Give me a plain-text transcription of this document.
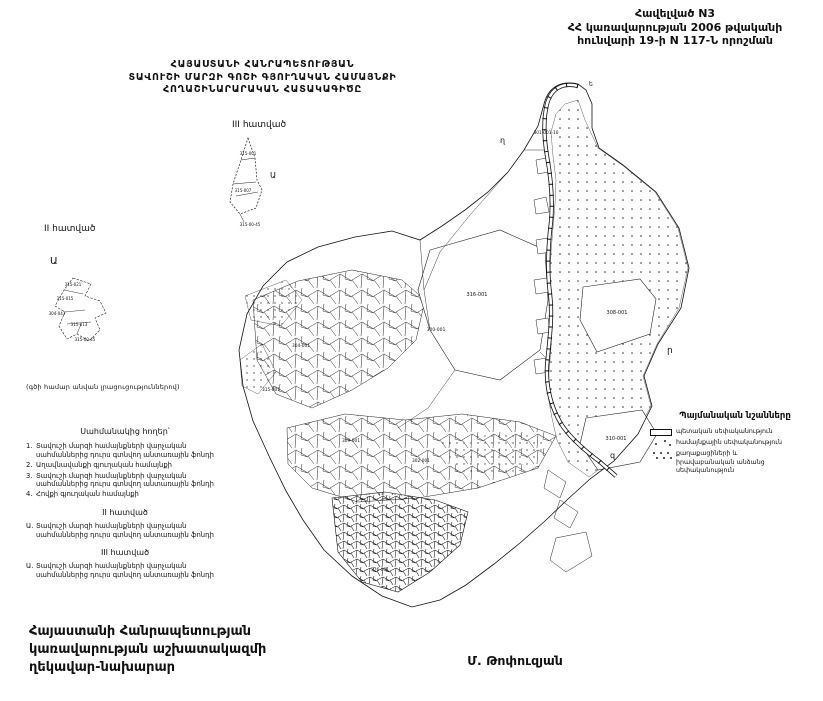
Հավելված N3
ՀՀ կառավարության 2006 թվականի
հունվարի 19-ի N 117-Ն որոշման
ՀԱՅԱՍՏԱՆԻ ՀԱՆՐԱՊԵՏՈՒԹՅԱՆ
ՏԱՎՈՒՇԻ ՄԱՐԶԻ ԳՈՇԻ ԳՅՈՒՂԱԿԱՆ ՀԱՄԱՅՆՔԻ
ՀՈՂԱՇԻՆԱՐԱՐԱԿԱՆ ՀԱՏԱԿԱԳԻԾԸ
III հատված
315-001
315-007
315-00-45
Ա
II հատված
Ա
315-021
315-015
304-043
315-013
315-00-45
301-001-10
316-001
300-001
308-001
310-001
304-001
315-001
309-001
302-001
376-001
ղ
ե
ր
զ
(գծի համար անվան լրացուցություններով)
Սահմանակից հողեր՝
1. Տավուշի մարզի համայնքների վարչական սահմաններից դուրս գտնվող անտառային ֆոնդի
2. Աղավնավանքի գյուղական համայնքի
3. Տավուշի մարզի համայնքների վարչական սահմաններից դուրս գտնվող անտառային ֆոնդի
4. Հովքի գյուղական համայնքի
II հատված
Ա. Տավուշի մարզի համայնքների վարչական սահմաններից դուրս գտնվող անտառային ֆոնդի
III հատված
Ա. Տավուշի մարզի համայնքների վարչական սահմաններից դուրս գտնվող անտառային ֆոնդի
Պայմանական նշանները
պետական սեփականություն
համայնքային սեփականություն
քաղաքացիների և իրավաբանական անձանց սեփականություն
Հայաստանի Հանրապետության
կառավարության աշխատակազմի
ղեկավար-նախարար	Մ. Թոփուզյան
